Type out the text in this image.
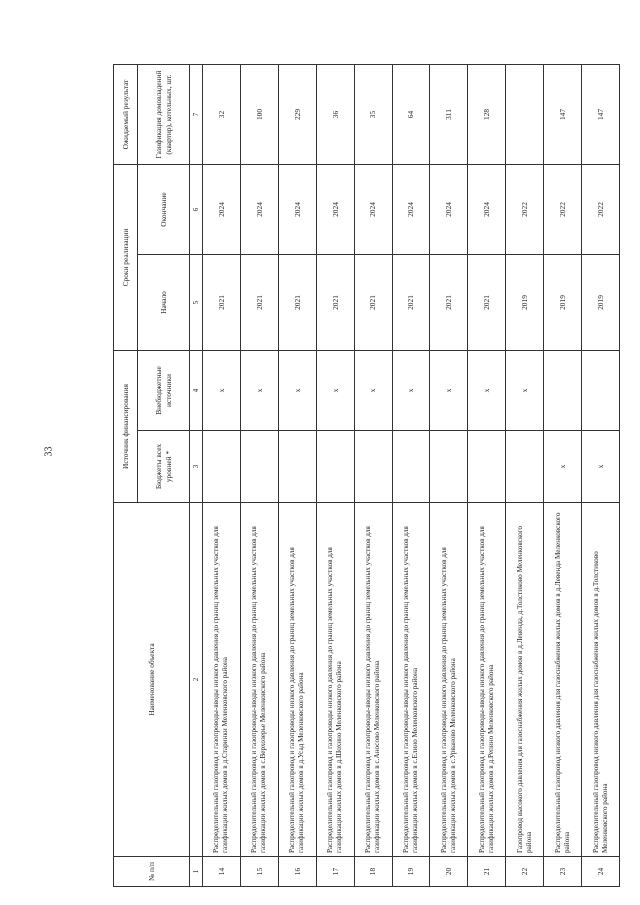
33
№ п/п	Наименование объекта	Источник финансирования		Сроки реализации		Ожидаемый результат
		Бюджеты всех уровней *	Внебюджетные источники	Начало	Окончание	Газификация домовладений (квартир), котельных, шт.
1	2	3	4	5	6	7
14	Распределительный газопровод и газопроводы-вводы низкого давления до границ земельных участков для газификации жилых домов в д.Старинки Меленковского района		х	2021	2024	32
15	Распределительный газопровод и газопроводы-вводы низкого давления до границ земельных участков для газификации жилых домов в с.Верхозерье Меленковского района		х	2021	2024	100
16	Распределительный газопровод и газопроводы низкого давления до границ земельных участков для газификации жилых домов в д.Усад Меленковского района		х	2021	2024	229
17	Распределительный газопровод и газопроводы низкого давления до границ земельных участков для газификации жилых домов в д.Шохино Меленковского района		х	2021	2024	36
18	Распределительный газопровод и газопроводы-вводы низкого давления до границ земельных участков для газификации жилых домов в с.Аносово Меленковского района		х	2021	2024	35
19	Распределительный газопровод и газопроводы-вводы низкого давления до границ земельных участков для газификации жилых домов в с.Елино Меленковского района		х	2021	2024	64
20	Распределительный газопровод и газопроводы низкого давления до границ земельных участков для газификации жилых домов в с.Урвановo Меленковского района		х	2021	2024	311
21	Распределительный газопровод и газопроводы-вводы низкого давления до границ земельных участков для газификации жилых домов в д.Репино Меленковского района		х	2021	2024	128
22	Газопровод высокого давления для газоснабжения жилых домов в д.Левенда, д.Толстиково Меленковского района		х	2019	2022	
23	Распределительный газопровод низкого давления для газоснабжения жилых домов в д.Левенда Меленковского района	х		2019	2022	147
24	Распределительный газопровод низкого давления для газоснабжения жилых домов в д.Толстиково Меленковского района	х		2019	2022	147
